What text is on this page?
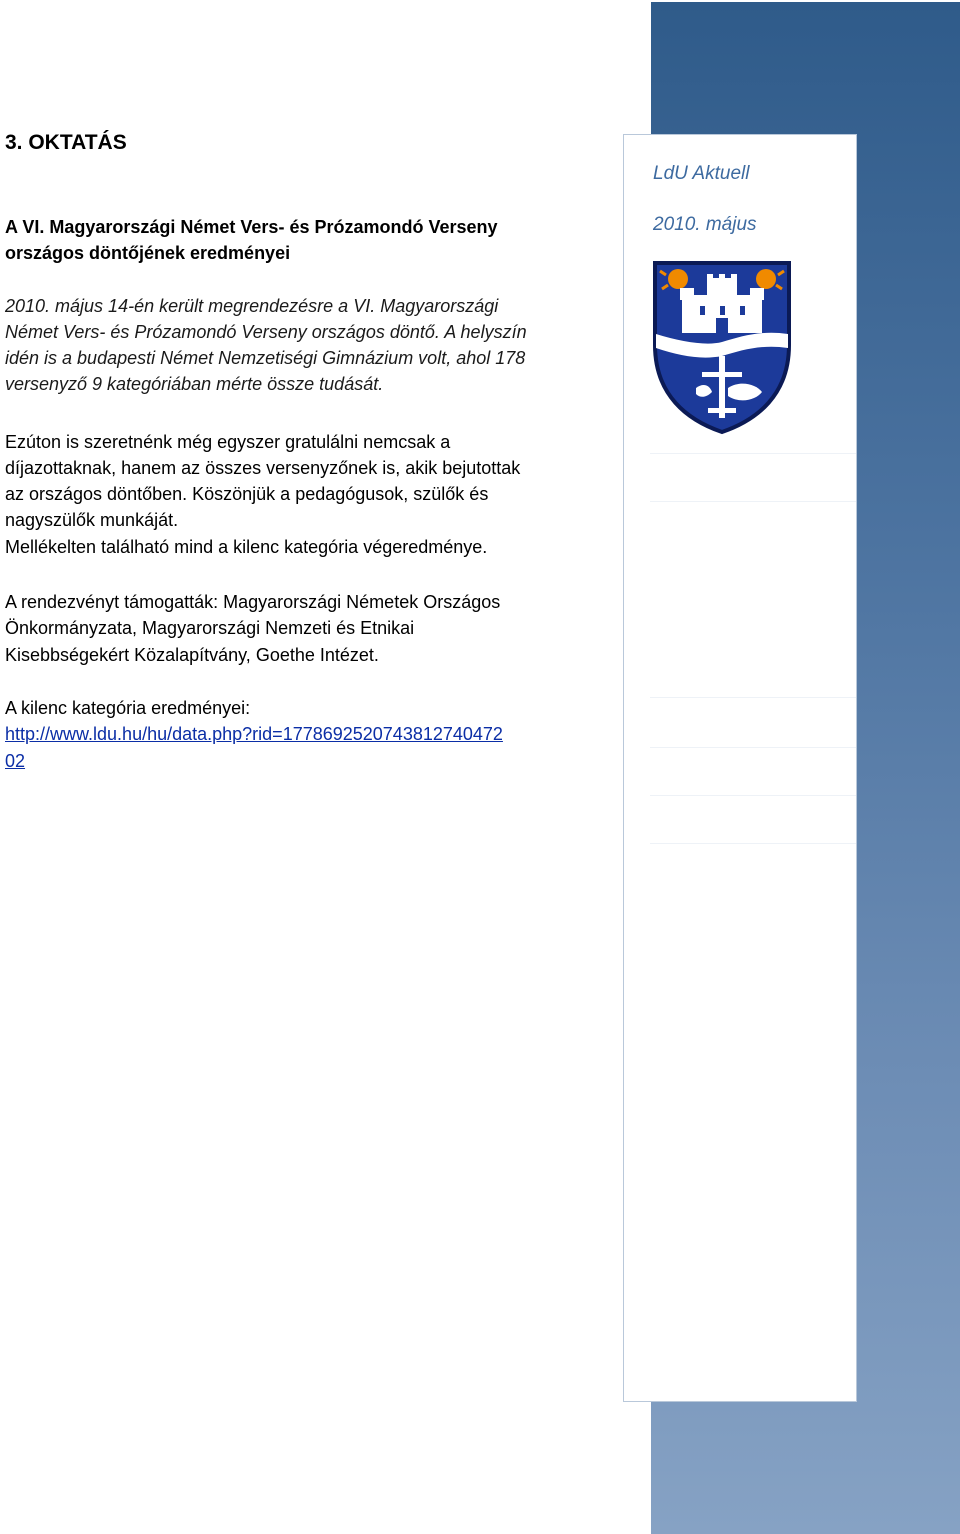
LdU Aktuell
2010. május
3. OKTATÁS
A VI. Magyarországi Német Vers- és Prózamondó Verseny
országos döntőjének eredményei
2010. május 14-én került megrendezésre a VI. Magyarországi
Német Vers- és Prózamondó Verseny országos döntő. A helyszín
idén is a budapesti Német Nemzetiségi Gimnázium volt, ahol 178
versenyző 9 kategóriában mérte össze tudását.
Ezúton is szeretnénk még egyszer gratulálni nemcsak a
díjazottaknak, hanem az összes versenyzőnek is, akik bejutottak
az országos döntőben. Köszönjük a pedagógusok, szülők és
nagyszülők munkáját.
Mellékelten található mind a kilenc kategória végeredménye.
A rendezvényt támogatták: Magyarországi Németek Országos
Önkormányzata, Magyarországi Nemzeti és Etnikai
Kisebbségekért Közalapítvány, Goethe Intézet.
A kilenc kategória eredményei:
http://www.ldu.hu/hu/data.php?rid=1778692520743812740472
02
